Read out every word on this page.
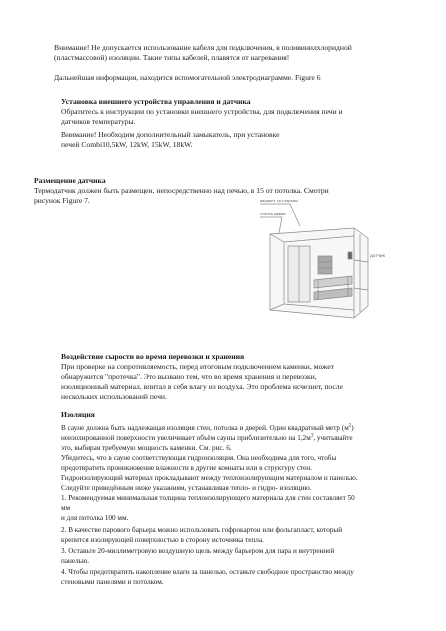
Внимание! Не допускается использование кабеля для подключения, в поливинилхлоридной

(пластмассовой) изоляции. Такие типы кабелей, плавятся от нагревания!

Дальнейшая информация, находится вспомогательной электродиаграмме. Figure 6

Установка внешнего устройства управления и датчика

Обратитесь к инструкции по установки внешнего устройства, для подключения печи и

датчиков температуры.

Внимание! Необходим дополнительный замыкатель, при установке

печей Combi10,5kW, 12kW, 15kW, 18kW.

Размещение датчика

Термодатчик должен быть размещен, непосредственно над печью, в 15 от потолка. Смотри

рисунок Figure 7.	вариант со стороны
стенка двери
ДАТЧИК

Воздействие сырости во время перевозки и хранения

При проверке на сопротивляемость, перед итоговым подключением каменки, может

обнаружится "протечка". Это вызвано тем, что во время хранения и перевозки,

изоляционный материал, впитал в себя влагу из воздуха. Это проблема исчезнет, после

нескольких использований печи.

Изоляция

В сауне должна быть надлежащая изоляция стен, потолка и дверей. Один квадратный метр $(м^2)$

неизолированной поверхности увеличивает объём сауны приблизительно на $1,2м^3$, учитывайте

это, выбирая требуемую мощность каменки. См. рис. 6.

Убедитесь, что в сауне соответствующая гидроизоляция. Она необходима для того, чтобы

предотвратить проникновение влажности в другие комнаты или в структуру стен.

Гидроизолирующий материал прокладывают между теплоизолирующим материалом и панелью.

Следуйте приведённым ниже указаниям, устанавливая тепло- и гидро- изоляцию.

1. Рекомендуемая минимальная толщина теплоизолирующего материала для стен составляет 50

мм

и для потолка 100 мм.

2. В качестве парового барьера можно использовать гофрокартон или фольгапласт, который

крепится изолирующей поверхностью в сторону источника тепла.

3. Оставьте 20-миллиметровую воздушную щель между барьером для пара и внутренней

панелью.

4. Чтобы предотвратить накопление влаги за панелью, оставьте свободное пространство между

стеновыми панелями и потолком.
